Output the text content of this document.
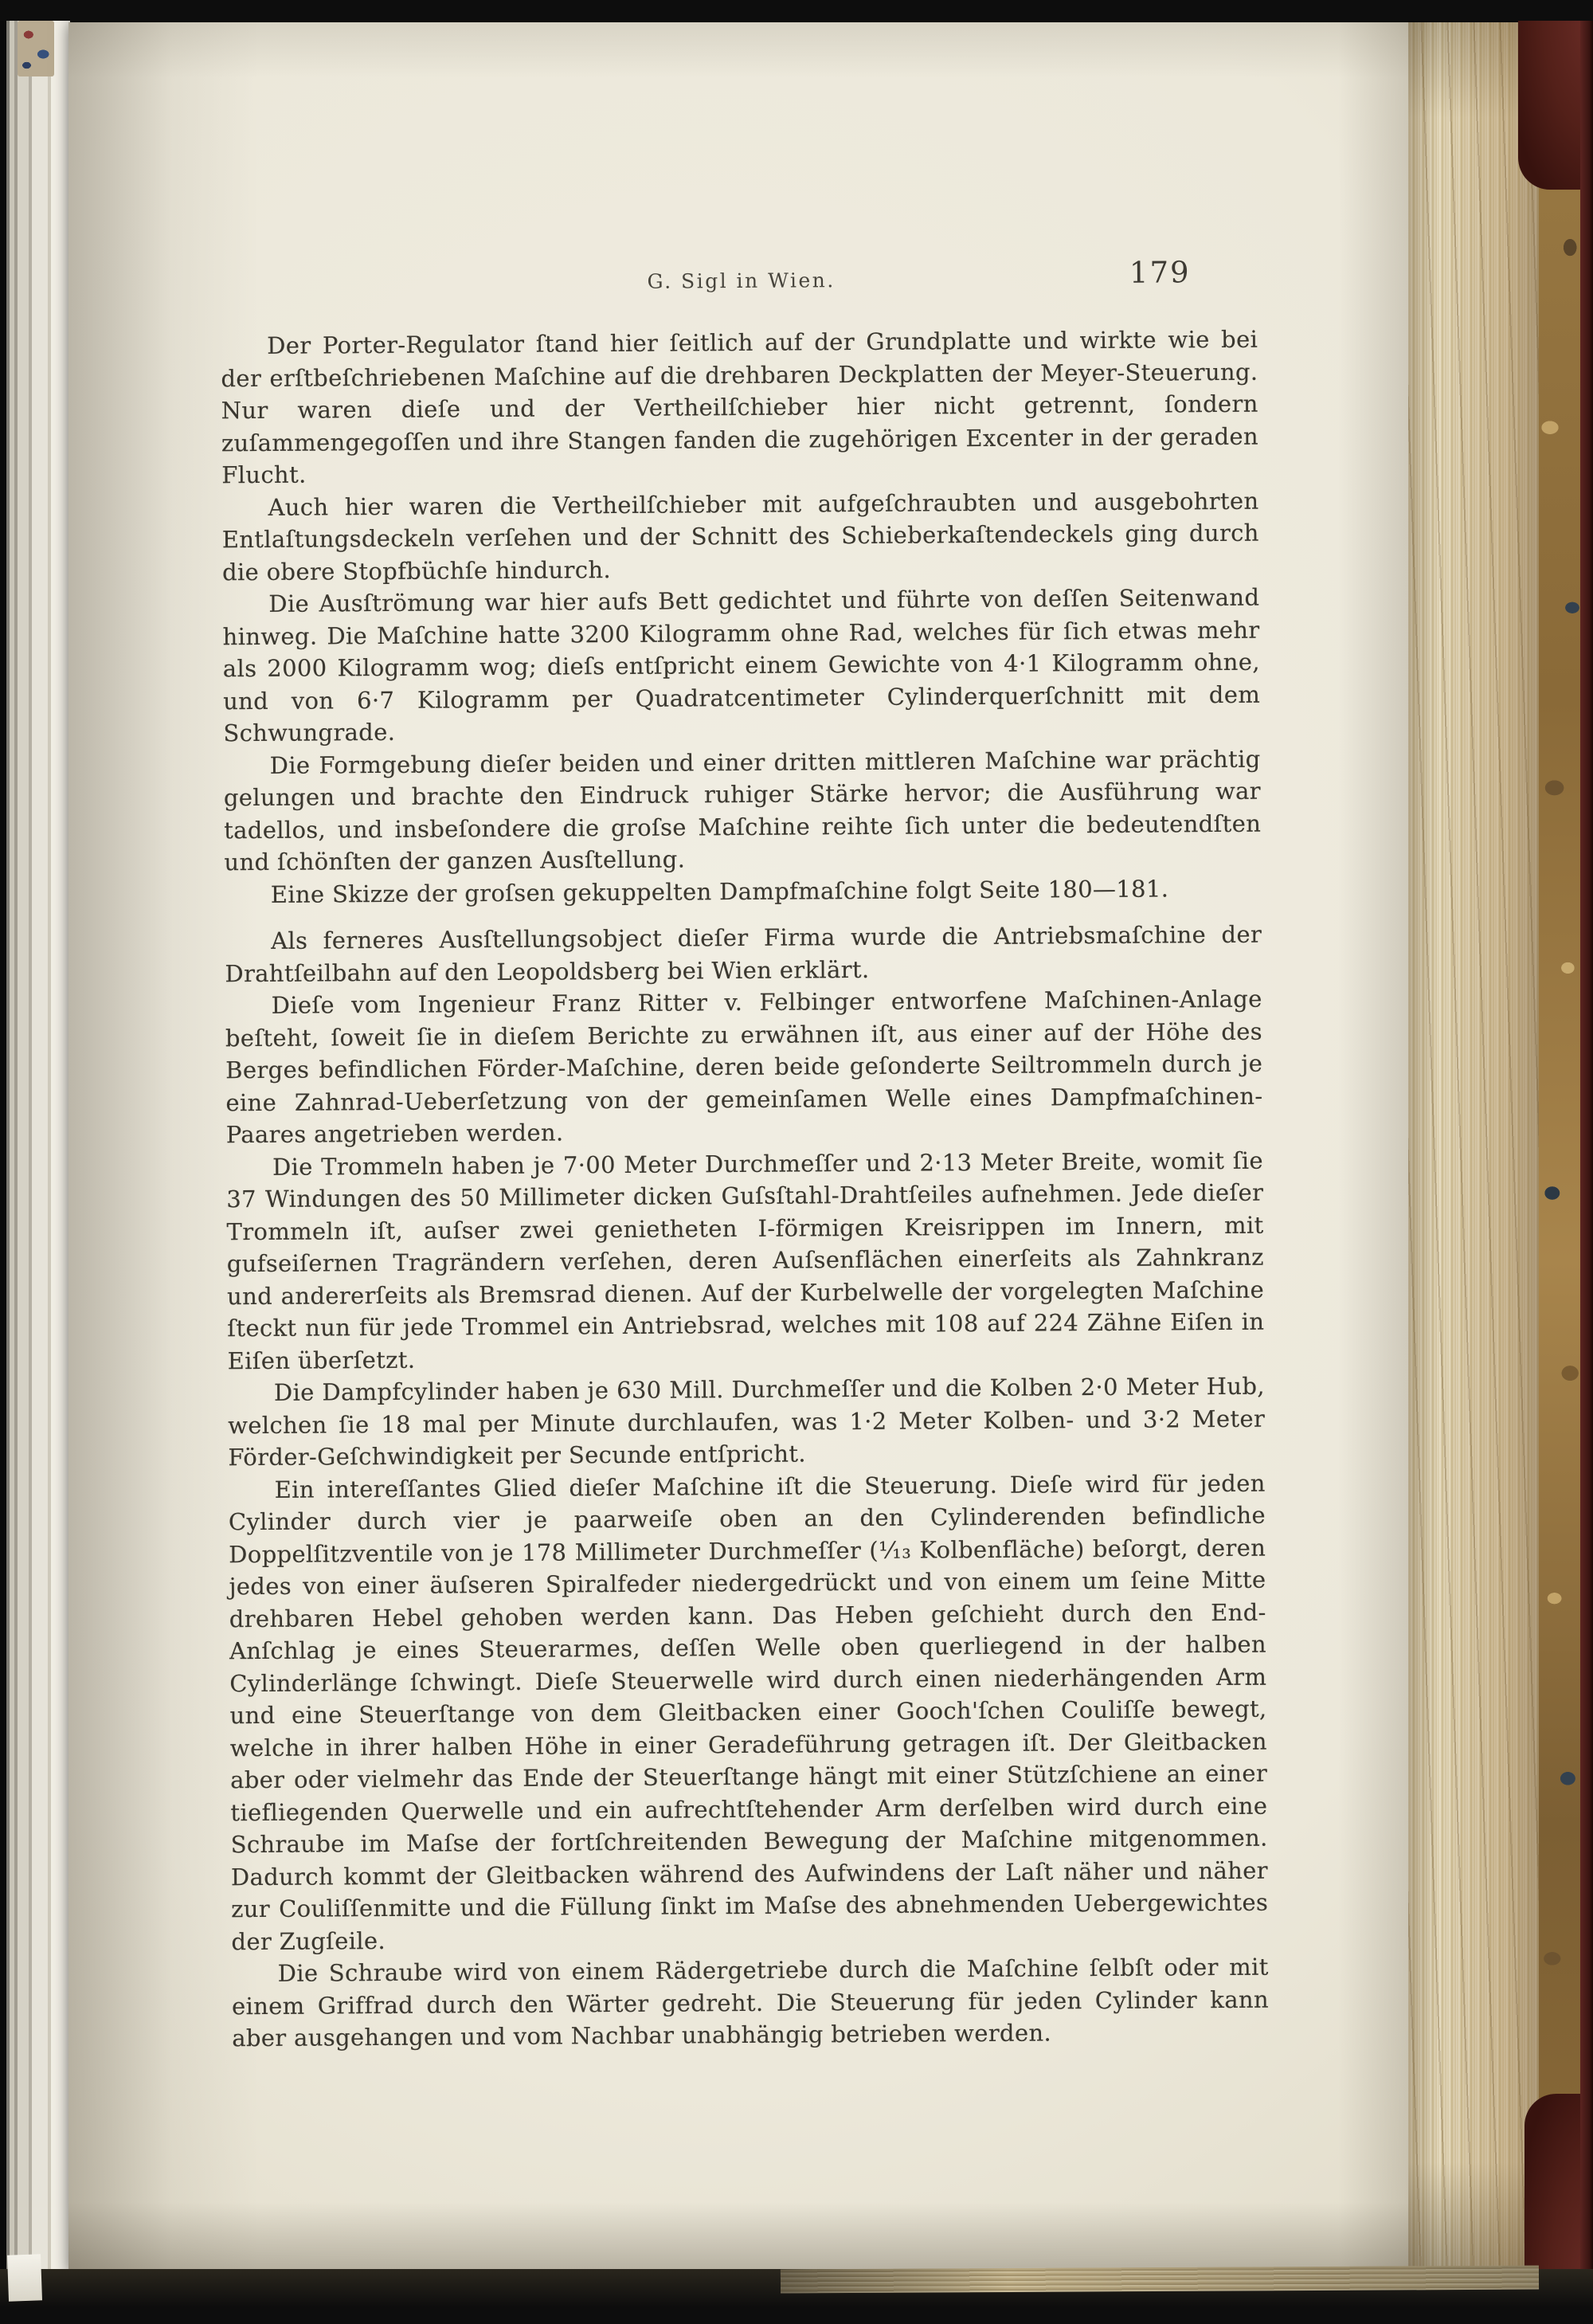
G. Sigl in Wien.	179

Der Porter-Regulator ſtand hier ſeitlich auf der Grundplatte und wirkte wie bei der erſtbeſchriebenen Maſchine auf die drehbaren Deckplatten der Meyer-Steuerung. Nur waren dieſe und der Vertheilſchieber hier nicht getrennt, ſondern zuſammengegoſſen und ihre Stangen fanden die zugehörigen Excenter in der geraden Flucht.

Auch hier waren die Vertheilſchieber mit aufgeſchraubten und ausgebohrten Entlaſtungsdeckeln verſehen und der Schnitt des Schieberkaſtendeckels ging durch die obere Stopfbüchſe hindurch.

Die Ausſtrömung war hier aufs Bett gedichtet und führte von deſſen Seitenwand hinweg. Die Maſchine hatte 3200 Kilogramm ohne Rad, welches für ſich etwas mehr als 2000 Kilogramm wog; dieſs entſpricht einem Gewichte von 4·1 Kilogramm ohne, und von 6·7 Kilogramm per Quadratcentimeter Cylinderquerſchnitt mit dem Schwungrade.

Die Formgebung dieſer beiden und einer dritten mittleren Maſchine war prächtig gelungen und brachte den Eindruck ruhiger Stärke hervor; die Ausführung war tadellos, und insbeſondere die groſse Maſchine reihte ſich unter die bedeutendſten und ſchönſten der ganzen Ausſtellung.

Eine Skizze der groſsen gekuppelten Dampfmaſchine folgt Seite 180—181.

Als ferneres Ausſtellungsobject dieſer Firma wurde die Antriebsmaſchine der Drahtſeilbahn auf den Leopoldsberg bei Wien erklärt.

Dieſe vom Ingenieur Franz Ritter v. Felbinger entworfene Maſchinen-Anlage beſteht, ſoweit ſie in dieſem Berichte zu erwähnen iſt, aus einer auf der Höhe des Berges befindlichen Förder-Maſchine, deren beide geſonderte Seiltrommeln durch je eine Zahnrad-Ueberſetzung von der gemeinſamen Welle eines Dampfmaſchinen-Paares angetrieben werden.

Die Trommeln haben je 7·00 Meter Durchmeſſer und 2·13 Meter Breite, womit ſie 37 Windungen des 50 Millimeter dicken Guſsſtahl-Drahtſeiles aufnehmen. Jede dieſer Trommeln iſt, auſser zwei genietheten I-förmigen Kreisrippen im Innern, mit gufseiſernen Tragrändern verſehen, deren Auſsenflächen einerſeits als Zahnkranz und andererſeits als Bremsrad dienen. Auf der Kurbelwelle der vorgelegten Maſchine ſteckt nun für jede Trommel ein Antriebsrad, welches mit 108 auf 224 Zähne Eiſen in Eiſen überſetzt.

Die Dampfcylinder haben je 630 Mill. Durchmeſſer und die Kolben 2·0 Meter Hub, welchen ſie 18 mal per Minute durchlaufen, was 1·2 Meter Kolben- und 3·2 Meter Förder-Geſchwindigkeit per Secunde entſpricht.

Ein intereſſantes Glied dieſer Maſchine iſt die Steuerung. Dieſe wird für jeden Cylinder durch vier je paarweiſe oben an den Cylinderenden befindliche Doppelſitzventile von je 178 Millimeter Durchmeſſer (¹⁄₁₃ Kolbenfläche) beſorgt, deren jedes von einer äuſseren Spiralfeder niedergedrückt und von einem um ſeine Mitte drehbaren Hebel gehoben werden kann. Das Heben geſchieht durch den End-Anſchlag je eines Steuerarmes, deſſen Welle oben querliegend in der halben Cylinderlänge ſchwingt. Dieſe Steuerwelle wird durch einen niederhängenden Arm und eine Steuerſtange von dem Gleitbacken einer Gooch'ſchen Couliſſe bewegt, welche in ihrer halben Höhe in einer Geradeführung getragen iſt. Der Gleitbacken aber oder vielmehr das Ende der Steuerſtange hängt mit einer Stützſchiene an einer tiefliegenden Querwelle und ein aufrechtſtehender Arm derſelben wird durch eine Schraube im Maſse der fortſchreitenden Bewegung der Maſchine mitgenommen. Dadurch kommt der Gleitbacken während des Aufwindens der Laſt näher und näher zur Couliſſenmitte und die Füllung ſinkt im Maſse des abnehmenden Uebergewichtes der Zugſeile.

Die Schraube wird von einem Rädergetriebe durch die Maſchine ſelbſt oder mit einem Griffrad durch den Wärter gedreht. Die Steuerung für jeden Cylinder kann aber ausgehangen und vom Nachbar unabhängig betrieben werden.
